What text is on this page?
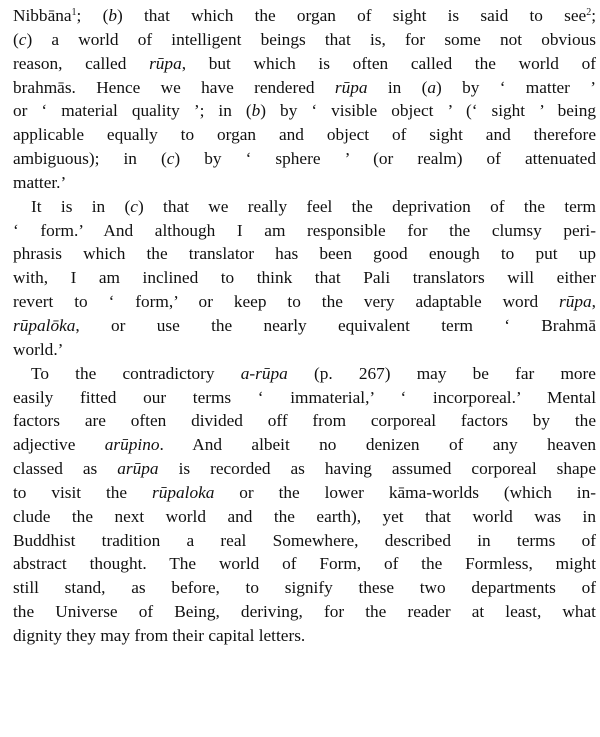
Nibbāna$^1$; (b) that which the organ of sight is said to see$^2$;
(c) a world of intelligent beings that is, for some not obvious
reason, called rūpa, but which is often called the world of
brahmās. Hence we have rendered rūpa in (a) by ‘ matter ’
or ‘ material quality ’; in (b) by ‘ visible object ’ (‘ sight ’ being
applicable equally to organ and object of sight and therefore
ambiguous); in (c) by ‘ sphere ’ (or realm) of attenuated
matter.’
It is in (c) that we really feel the deprivation of the term
‘ form.’ And although I am responsible for the clumsy peri-
phrasis which the translator has been good enough to put up
with, I am inclined to think that Pali translators will either
revert to ‘ form,’ or keep to the very adaptable word rūpa,
rūpalōka, or use the nearly equivalent term ‘ Brahmā
world.’
To the contradictory a-rūpa (p. 267) may be far more
easily fitted our terms ‘ immaterial,’ ‘ incorporeal.’ Mental
factors are often divided off from corporeal factors by the
adjective arūpino. And albeit no denizen of any heaven
classed as arūpa is recorded as having assumed corporeal shape
to visit the rūpaloka or the lower kāma-worlds (which in-
clude the next world and the earth), yet that world was in
Buddhist tradition a real Somewhere, described in terms of
abstract thought. The world of Form, of the Formless, might
still stand, as before, to signify these two departments of
the Universe of Being, deriving, for the reader at least, what
dignity they may from their capital letters.
